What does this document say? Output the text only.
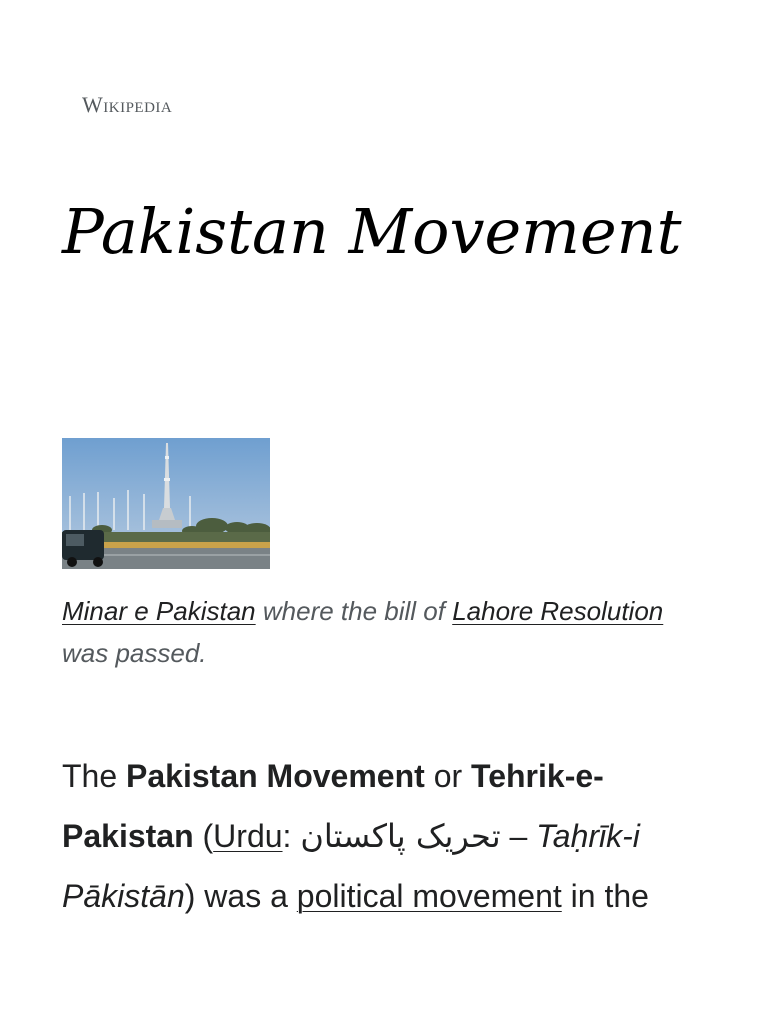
Wikipedia
Pakistan Movement
Minar e Pakistan where the bill of Lahore Resolution was passed.

The Pakistan Movement or Tehrik-e-Pakistan (Urdu: تحریک پاکستان – Taḥrīk-i Pākistān) was a political movement in the
